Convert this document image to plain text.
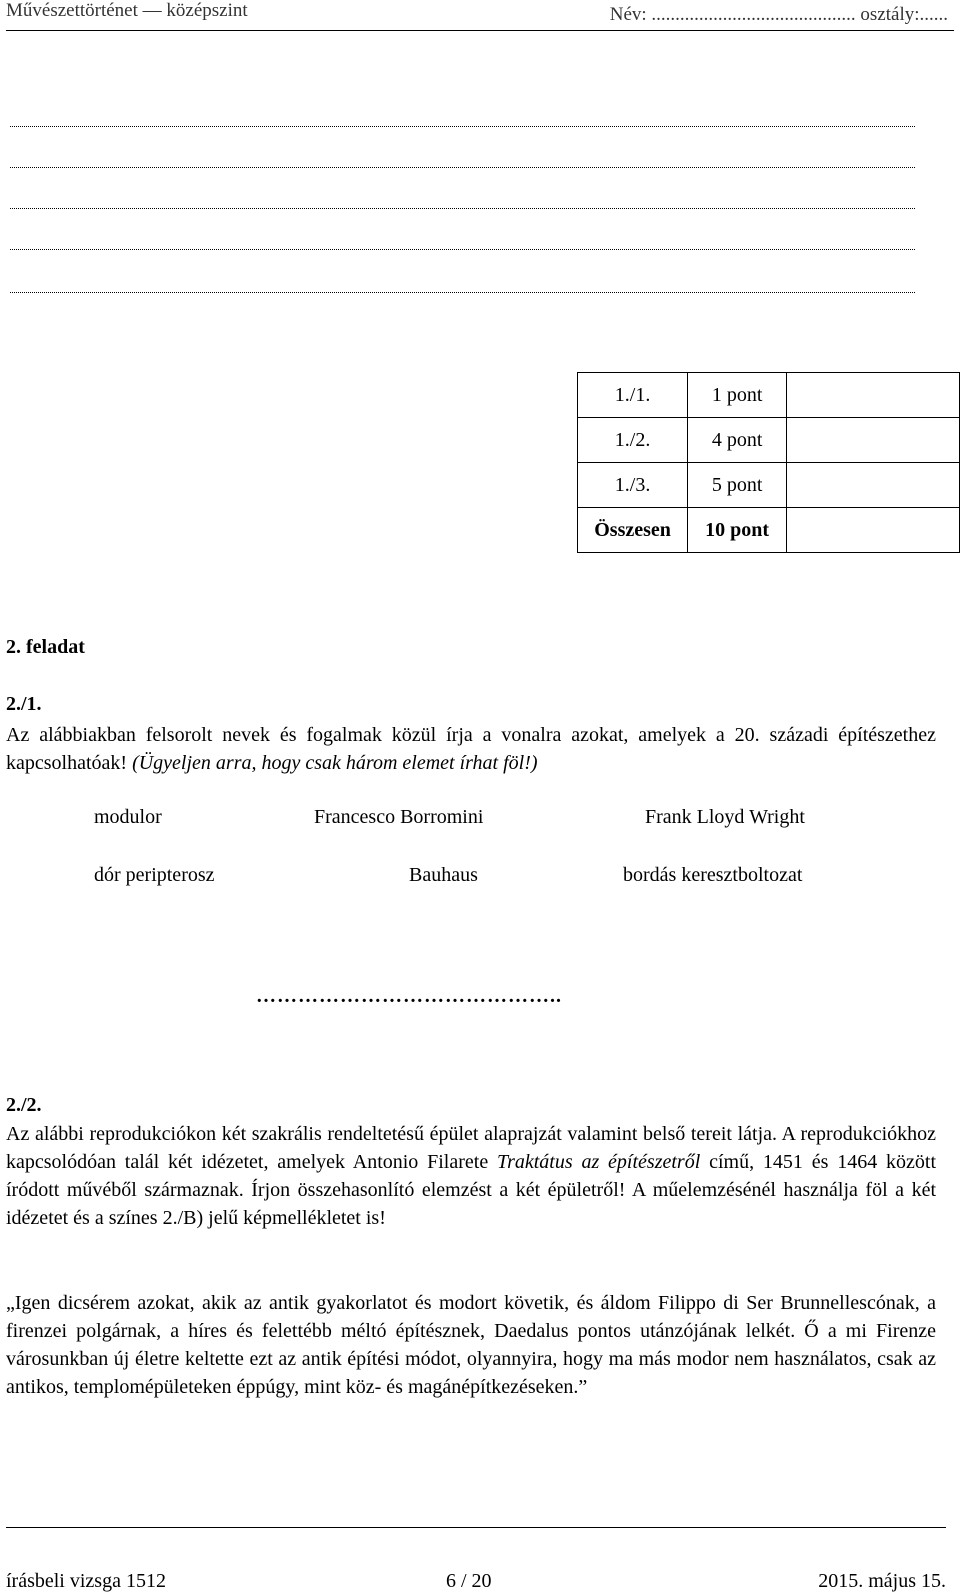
Művészettörténet — középszint	Név: ........................................... osztály:......
1./1.	1 pont	
1./2.	4 pont	
1./3.	5 pont	
Összesen	10 pont	
2. feladat
2./1.
Az alábbiakban felsorolt nevek és fogalmak közül írja a vonalra azokat, amelyek a 20. századi építészethez kapcsolhatóak! (Ügyeljen arra, hogy csak három elemet írhat föl!)
modulor	Francesco Borromini	Frank Lloyd Wright
dór peripterosz	Bauhaus	bordás keresztboltozat
……………………………………..
2./2.
Az alábbi reprodukciókon két szakrális rendeltetésű épület alaprajzát valamint belső tereit látja. A reprodukciókhoz kapcsolódóan talál két idézetet, amelyek Antonio Filarete Traktátus az építészetről című, 1451 és 1464 között íródott művéből származnak. Írjon összehasonlító elemzést a két épületről! A műelemzésénél használja föl a két idézetet és a színes 2./B) jelű képmellékletet is!
„Igen dicsérem azokat, akik az antik gyakorlatot és modort követik, és áldom Filippo di Ser Brunnellescónak, a firenzei polgárnak, a híres és felettébb méltó építésznek, Daedalus pontos utánzójának lelkét. Ő a mi Firenze városunkban új életre keltette ezt az antik építési módot, olyannyira, hogy ma más modor nem használatos, csak az antikos, templomépületeken éppúgy, mint köz- és magánépítkezéseken.”
írásbeli vizsga 1512	6 / 20	2015. május 15.
